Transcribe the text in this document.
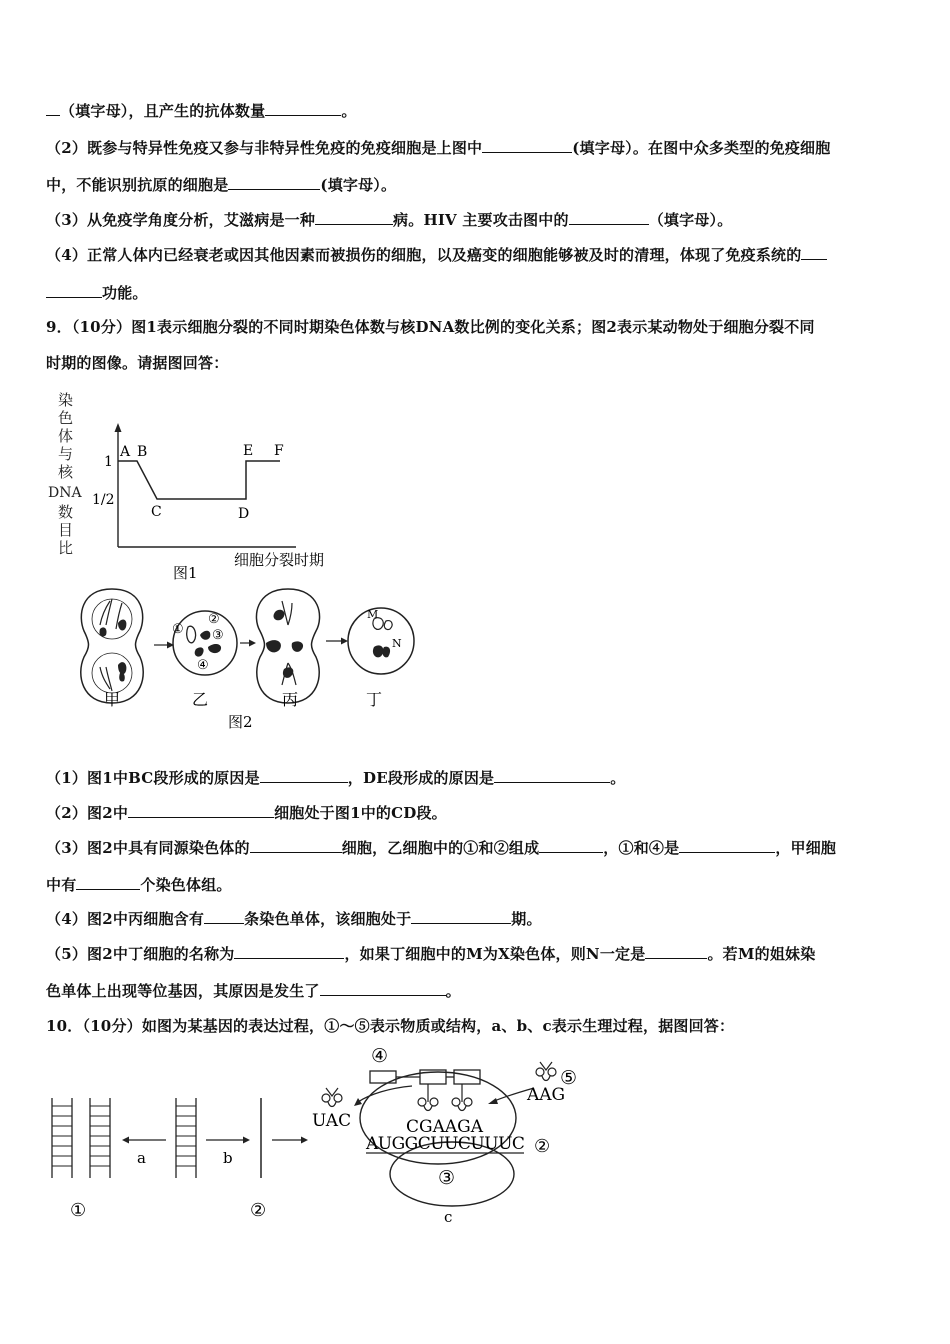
（填字母），且产生的抗体数量	。
（2）既参与特异性免疫又参与非特异性免疫的免疫细胞是上图中	(填字母）。在图中众多类型的免疫细胞
中，不能识别抗原的细胞是	(填字母）。
（3）从免疫学角度分析，艾滋病是一种	病。HIV 主要攻击图中的	（填字母）。
（4）正常人体内已经衰老或因其他因素而被损伤的细胞，以及癌变的细胞能够被及时的清理，体现了免疫系统的
功能。
9．（10分）图1表示细胞分裂的不同时期染色体数与核DNA数比例的变化关系；图2表示某动物处于细胞分裂不同
时期的图像。请据图回答：
染
色
体
与
核
DNA
数
目
比
1
1/2
A B
C	D
E F
细胞分裂时期
图1
①
②
③
④
M
N
甲	乙	丙	丁
图2
（1）图1中BC段形成的原因是	，DE段形成的原因是	。
（2）图2中	细胞处于图1中的CD段。
（3）图2中具有同源染色体的	细胞，乙细胞中的①和②组成	，①和④是	，甲细胞
中有	个染色体组。
（4）图2中丙细胞含有	条染色单体，该细胞处于	期。
（5）图2中丁细胞的名称为	，如果丁细胞中的M为X染色体，则N一定是	。若M的姐妹染
色单体上出现等位基因，其原因是发生了	。
10．（10分）如图为某基因的表达过程，①～⑤表示物质或结构，a、b、c表示生理过程，据图回答：
a	b
①	②
③
c
④
⑤
UAC
AAG
CGAAGA
AUGGCUUCUUUC ②
